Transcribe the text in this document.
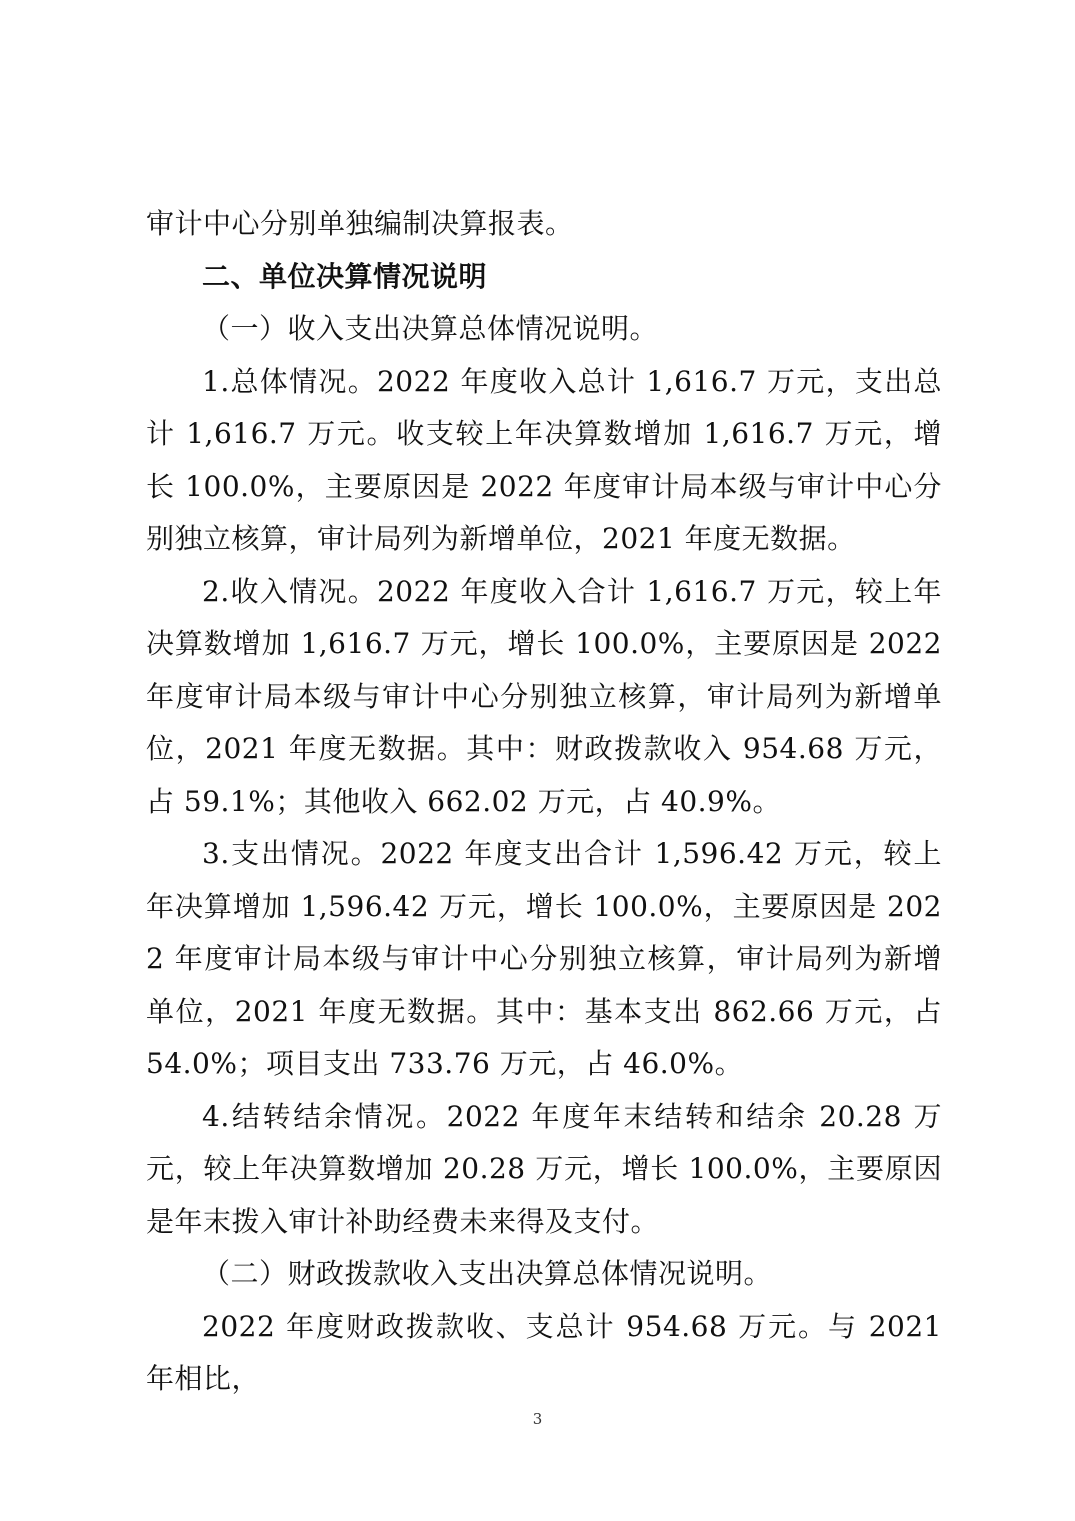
审计中心分别单独编制决算报表。

二、单位决算情况说明

（一）收入支出决算总体情况说明。

1.总体情况。2022 年度收入总计 1,616.7 万元，支出总计 1,616.7 万元。收支较上年决算数增加 1,616.7 万元，增长 100.0%，主要原因是 2022 年度审计局本级与审计中心分别独立核算，审计局列为新增单位，2021 年度无数据。

2.收入情况。2022 年度收入合计 1,616.7 万元，较上年决算数增加 1,616.7 万元，增长 100.0%，主要原因是 2022 年度审计局本级与审计中心分别独立核算，审计局列为新增单位，2021 年度无数据。其中：财政拨款收入 954.68 万元，占 59.1%；其他收入 662.02 万元，占 40.9%。

3.支出情况。2022 年度支出合计 1,596.42 万元，较上年决算增加 1,596.42 万元，增长 100.0%，主要原因是 2022 年度审计局本级与审计中心分别独立核算，审计局列为新增单位，2021 年度无数据。其中：基本支出 862.66 万元，占 54.0%；项目支出 733.76 万元，占 46.0%。

4.结转结余情况。2022 年度年末结转和结余 20.28 万元，较上年决算数增加 20.28 万元，增长 100.0%，主要原因是年末拨入审计补助经费未来得及支付。

（二）财政拨款收入支出决算总体情况说明。

2022 年度财政拨款收、支总计 954.68 万元。与 2021 年相比，

3
